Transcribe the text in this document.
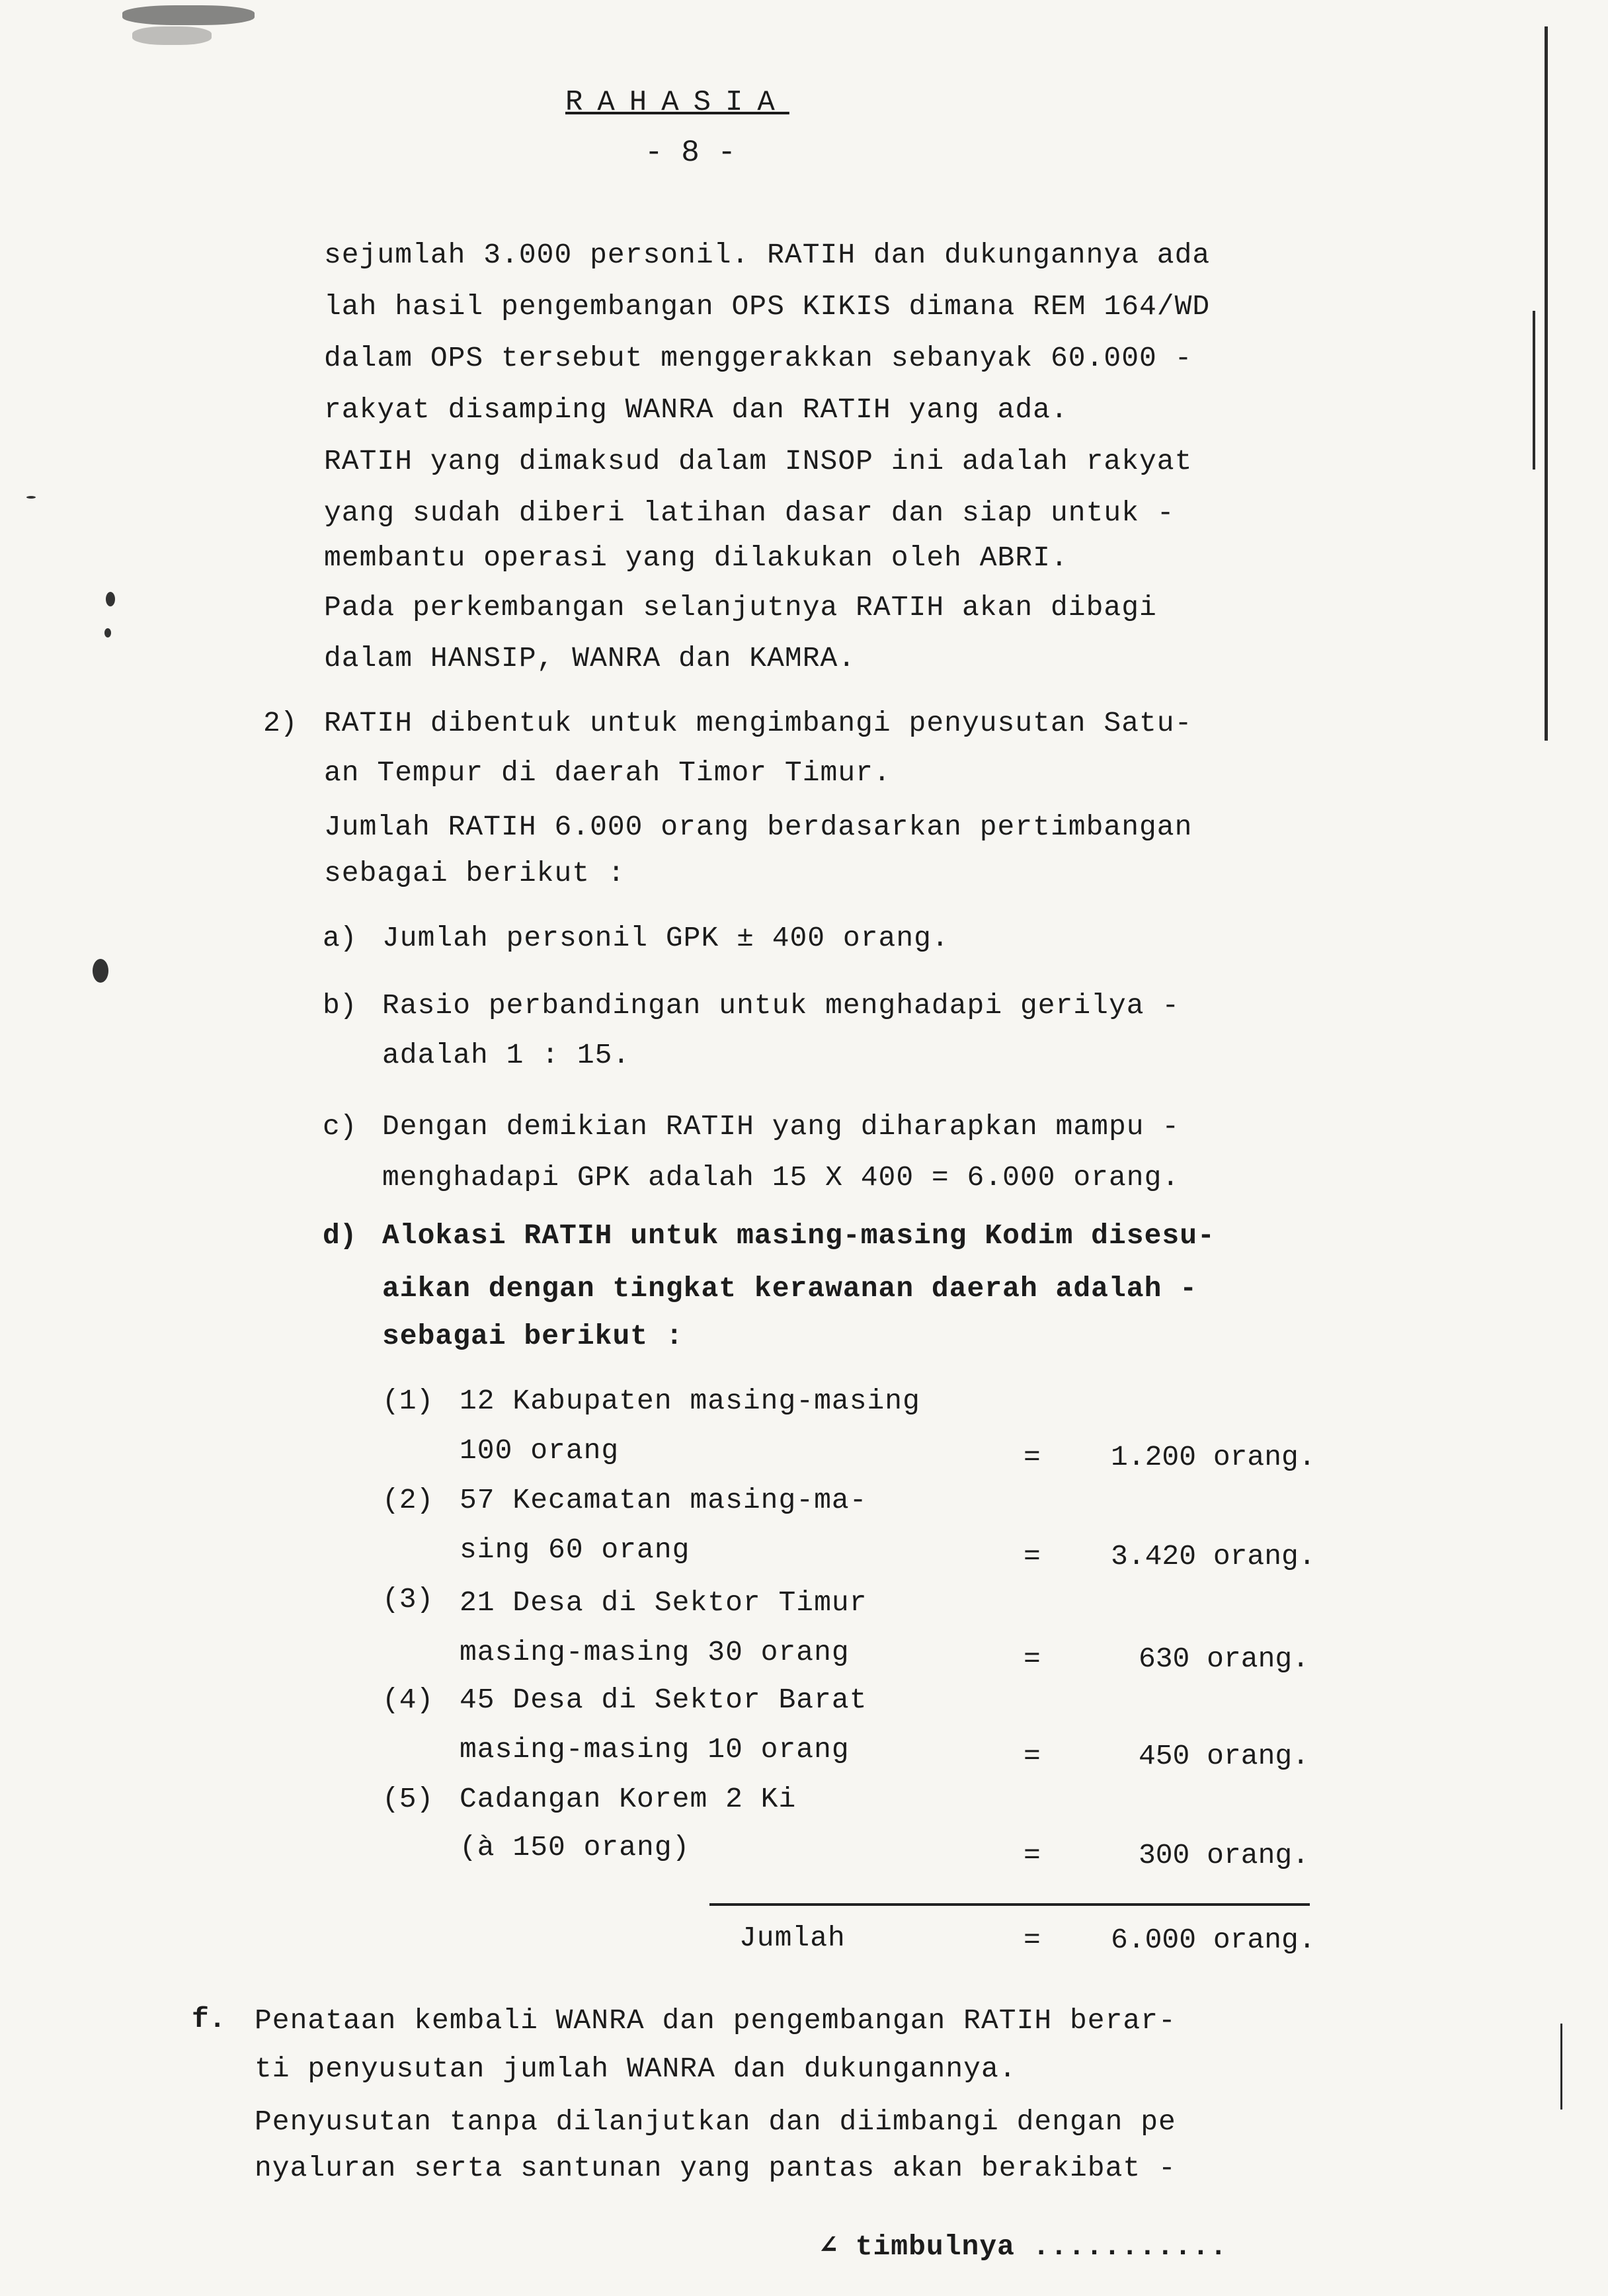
RAHASIA
- 8 -
sejumlah 3.000 personil. RATIH dan dukungannya ada
lah hasil pengembangan OPS KIKIS dimana REM 164/WD
dalam OPS tersebut menggerakkan sebanyak 60.000 -
rakyat disamping WANRA dan RATIH yang ada.
RATIH yang dimaksud dalam INSOP ini adalah rakyat
yang sudah diberi latihan dasar dan siap untuk -
membantu operasi yang dilakukan oleh ABRI.
Pada perkembangan selanjutnya RATIH akan dibagi
dalam HANSIP, WANRA dan KAMRA.
2) RATIH dibentuk untuk mengimbangi penyusutan Satu-
an Tempur di daerah Timor Timur.
Jumlah RATIH 6.000 orang berdasarkan pertimbangan
sebagai berikut :
a) Jumlah personil GPK ± 400 orang.
b) Rasio perbandingan untuk menghadapi gerilya -
adalah 1 : 15.
c) Dengan demikian RATIH yang diharapkan mampu -
menghadapi GPK adalah 15 X 400 = 6.000 orang.
d) Alokasi RATIH untuk masing-masing Kodim disesu-
aikan dengan tingkat kerawanan daerah adalah -
sebagai berikut :
(1) 12 Kabupaten masing-masing
100 orang	= 1.200 orang.
(2) 57 Kecamatan masing-ma-
sing 60 orang	= 3.420 orang.
(3) 21 Desa di Sektor Timur
masing-masing 30 orang	=	630 orang.
(4) 45 Desa di Sektor Barat
masing-masing 10 orang	=	450 orang.
(5) Cadangan Korem 2 Ki
(à 150 orang)	=	300 orang.
Jumlah	= 6.000 orang.
f. Penataan kembali WANRA dan pengembangan RATIH berar-
ti penyusutan jumlah WANRA dan dukungannya.
Penyusutan tanpa dilanjutkan dan diimbangi dengan pe
nyaluran serta santunan yang pantas akan berakibat -
∠ timbulnya ...........
